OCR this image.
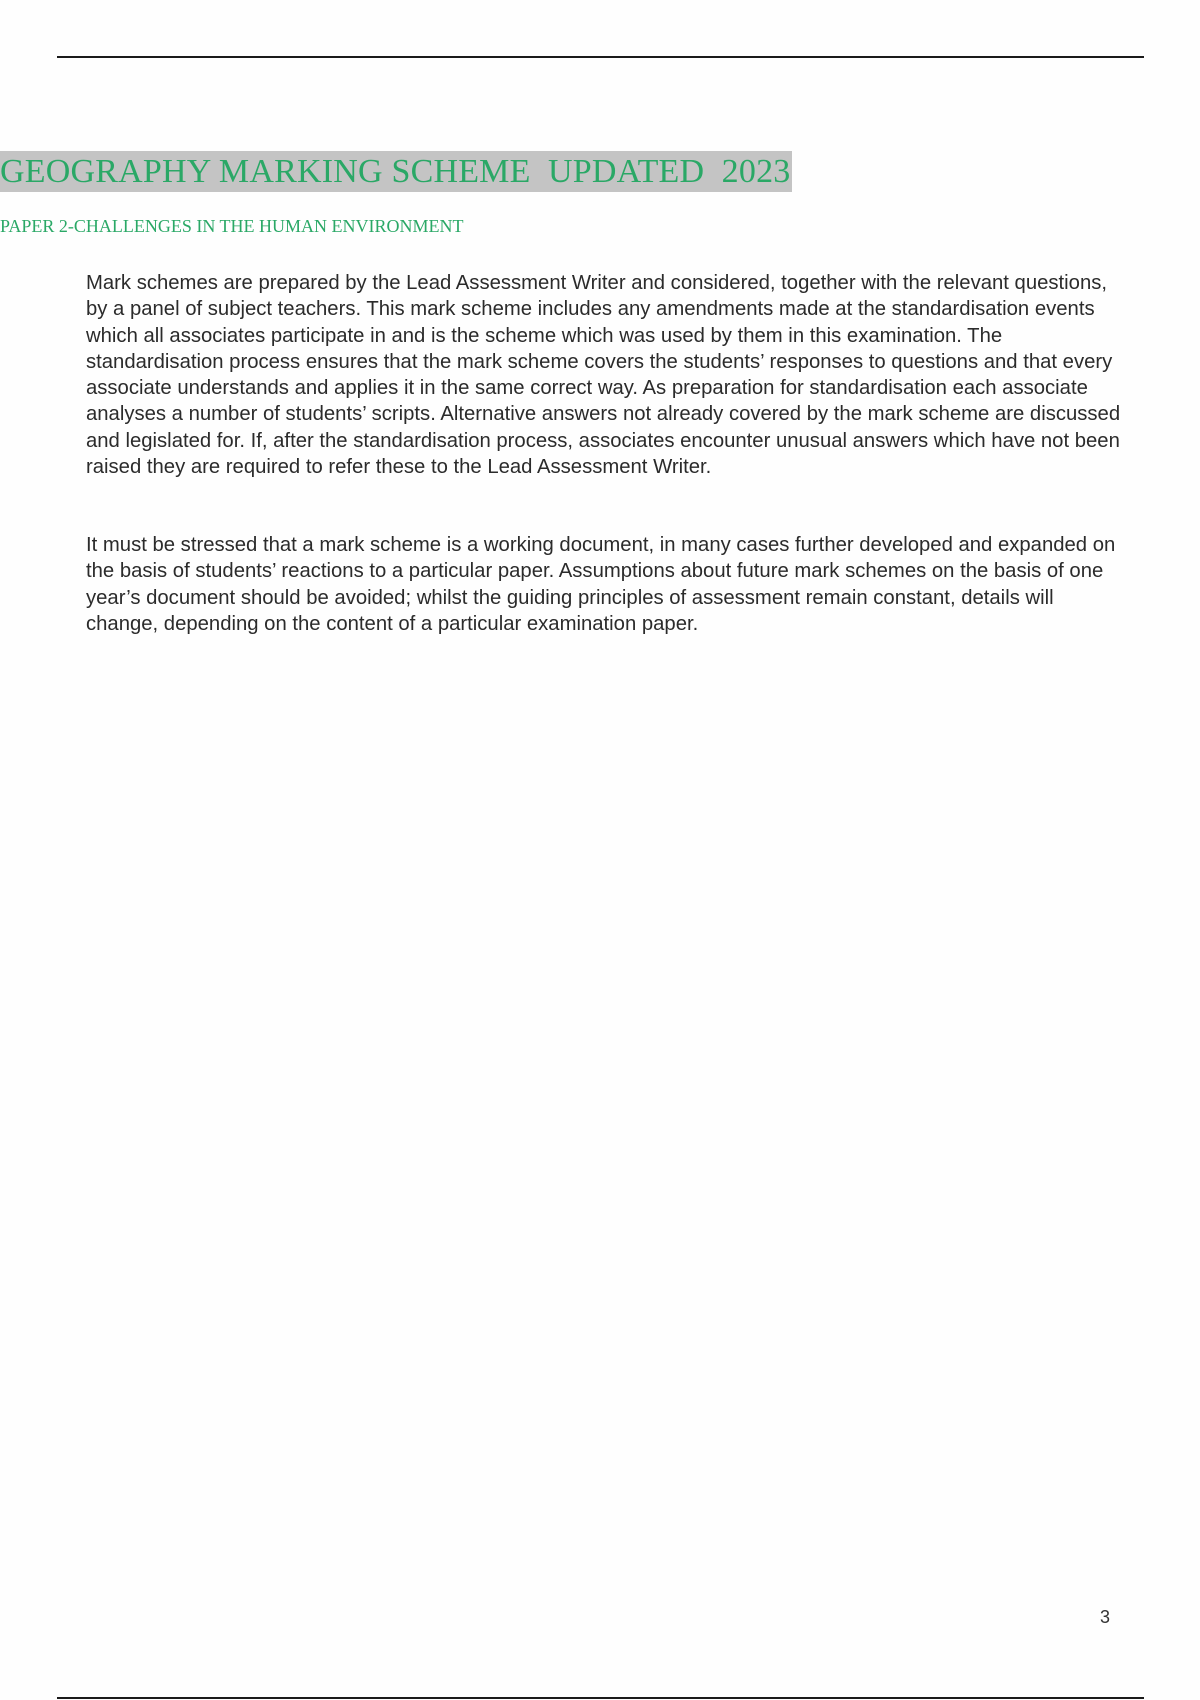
GEOGRAPHY MARKING SCHEME  UPDATED  2023
PAPER 2-CHALLENGES IN THE HUMAN ENVIRONMENT

Mark schemes are prepared by the Lead Assessment Writer and considered, together with the relevant questions, by a panel of subject teachers. This mark scheme includes any amendments made at the standardisation events which all associates participate in and is the scheme which was used by them in this examination. The standardisation process ensures that the mark scheme covers the students’ responses to questions and that every associate understands and applies it in the same correct way. As preparation for standardisation each associate analyses a number of students’ scripts. Alternative answers not already covered by the mark scheme are discussed and legislated for. If, after the standardisation process, associates encounter unusual answers which have not been raised they are required to refer these to the Lead Assessment Writer.

It must be stressed that a mark scheme is a working document, in many cases further developed and expanded on the basis of students’ reactions to a particular paper. Assumptions about future mark schemes on the basis of one year’s document should be avoided; whilst the guiding principles of assessment remain constant, details will change, depending on the content of a particular examination paper.

3
